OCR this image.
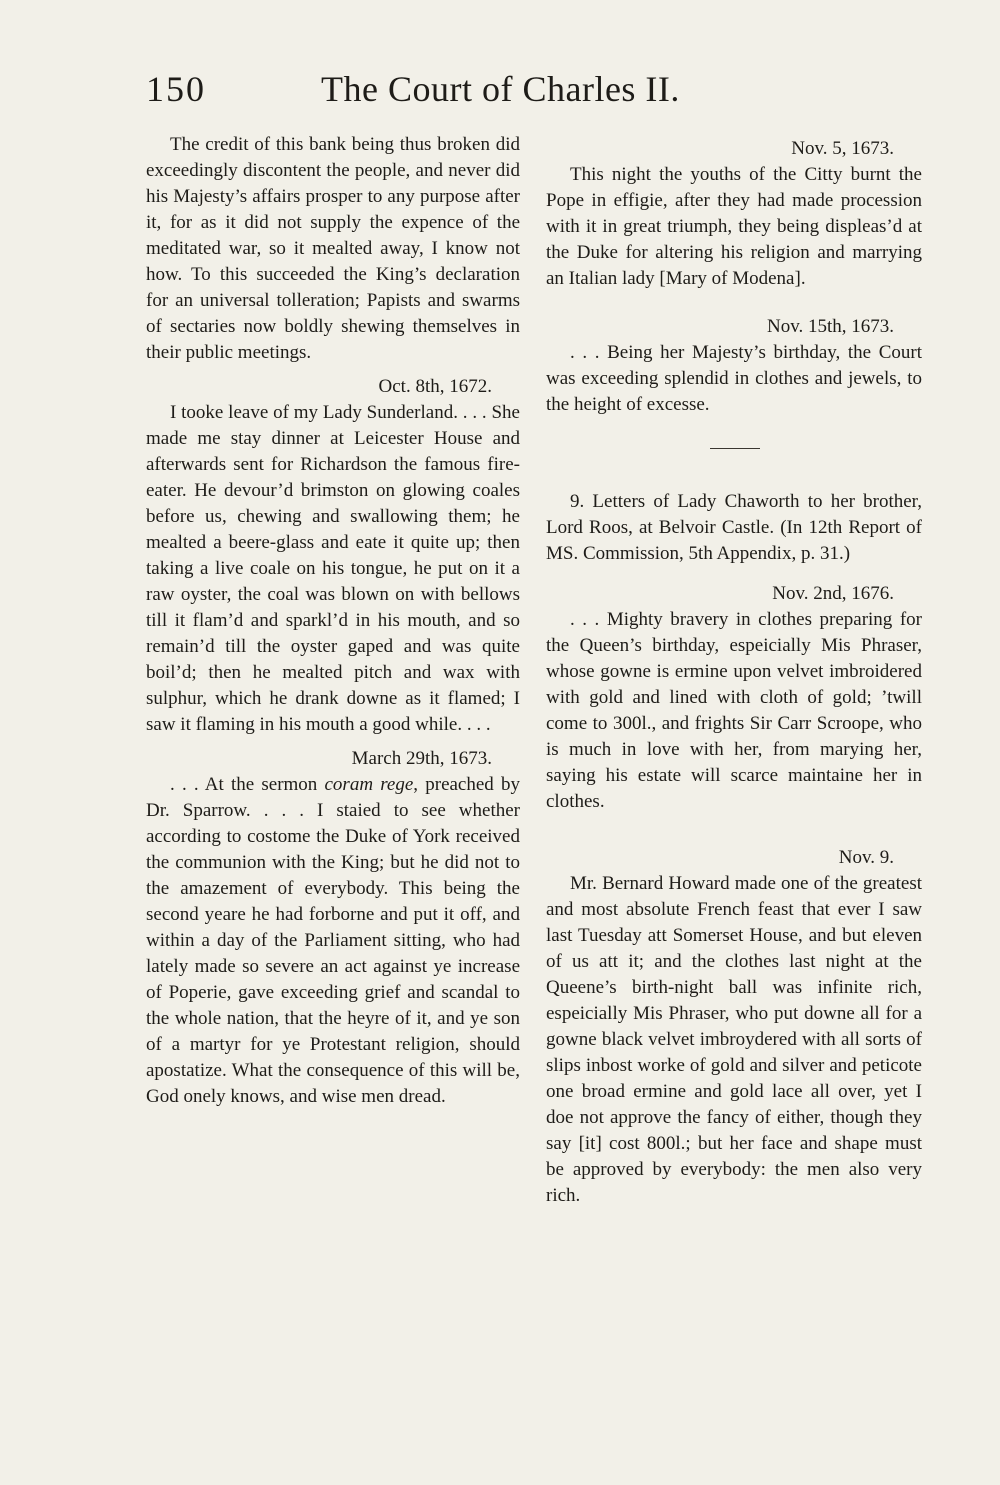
150	The Court of Charles II.

The credit of this bank being thus broken did exceedingly discontent the people, and never did his Majesty’s affairs prosper to any purpose after it, for as it did not supply the expence of the meditated war, so it mealted away, I know not how. To this succeeded the King’s declaration for an universal tolleration; Papists and swarms of sectaries now boldly shewing themselves in their public meetings.

Oct. 8th, 1672.

I tooke leave of my Lady Sunderland. . . . She made me stay dinner at Leicester House and afterwards sent for Richardson the famous fire-eater. He devour’d brimston on glowing coales before us, chewing and swallowing them; he mealted a beere-glass and eate it quite up; then taking a live coale on his tongue, he put on it a raw oyster, the coal was blown on with bellows till it flam’d and sparkl’d in his mouth, and so remain’d till the oyster gaped and was quite boil’d; then he mealted pitch and wax with sulphur, which he drank downe as it flamed; I saw it flaming in his mouth a good while. . . .

March 29th, 1673.

. . . At the sermon coram rege, preached by Dr. Sparrow. . . . I staied to see whether according to costome the Duke of York received the communion with the King; but he did not to the amazement of everybody. This being the second yeare he had forborne and put it off, and within a day of the Parliament sitting, who had lately made so severe an act against ye increase of Poperie, gave exceeding grief and scandal to the whole nation, that the heyre of it, and ye son of a martyr for ye Protestant religion, should apostatize. What the consequence of this will be, God onely knows, and wise men dread.

Nov. 5, 1673.

This night the youths of the Citty burnt the Pope in effigie, after they had made procession with it in great triumph, they being displeas’d at the Duke for altering his religion and marrying an Italian lady [Mary of Modena].

Nov. 15th, 1673.

. . . Being her Majesty’s birthday, the Court was exceeding splendid in clothes and jewels, to the height of excesse.

9. Letters of Lady Chaworth to her brother, Lord Roos, at Belvoir Castle. (In 12th Report of MS. Commission, 5th Appendix, p. 31.)

Nov. 2nd, 1676.

. . . Mighty bravery in clothes preparing for the Queen’s birthday, espeicially Mis Phraser, whose gowne is ermine upon velvet imbroidered with gold and lined with cloth of gold; ’twill come to 300l., and frights Sir Carr Scroope, who is much in love with her, from marying her, saying his estate will scarce maintaine her in clothes.

Nov. 9.

Mr. Bernard Howard made one of the greatest and most absolute French feast that ever I saw last Tuesday att Somerset House, and but eleven of us att it; and the clothes last night at the Queene’s birth-night ball was infinite rich, espeicially Mis Phraser, who put downe all for a gowne black velvet imbroydered with all sorts of slips inbost worke of gold and silver and peticote one broad ermine and gold lace all over, yet I doe not approve the fancy of either, though they say [it] cost 800l.; but her face and shape must be approved by everybody: the men also very rich.
